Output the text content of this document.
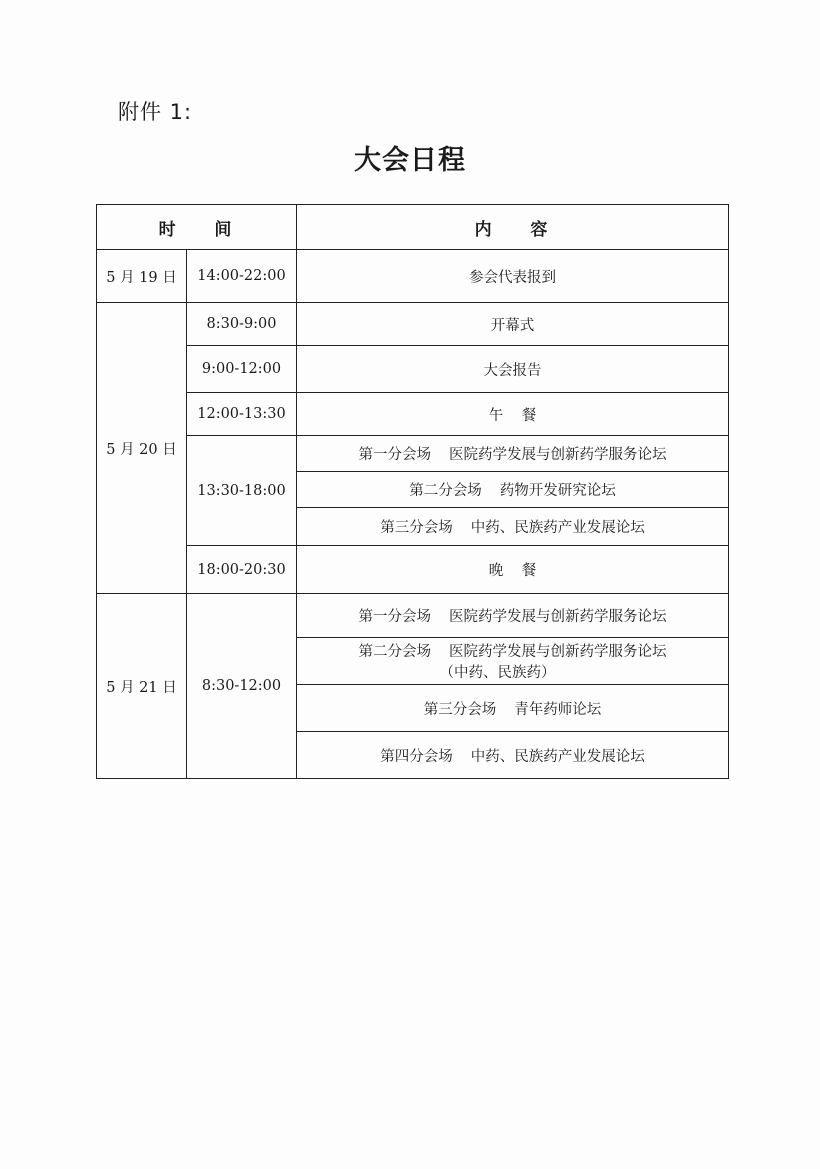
附件 1:
大会日程
时    间		内    容
5 月 19 日	14:00-22:00	参会代表报到
5 月 20 日	8:30-9:00	开幕式
	9:00-12:00	大会报告
	12:00-13:30	午    餐
	13:30-18:00	第一分会场 医院药学发展与创新药学服务论坛
		第二分会场 药物开发研究论坛
		第三分会场 中药、民族药产业发展论坛
	18:00-20:30	晚    餐
5 月 21 日	8:30-12:00	第一分会场 医院药学发展与创新药学服务论坛
		第二分会场 医院药学发展与创新药学服务论坛
（中药、民族药）

		第三分会场 青年药师论坛
		第四分会场 中药、民族药产业发展论坛
